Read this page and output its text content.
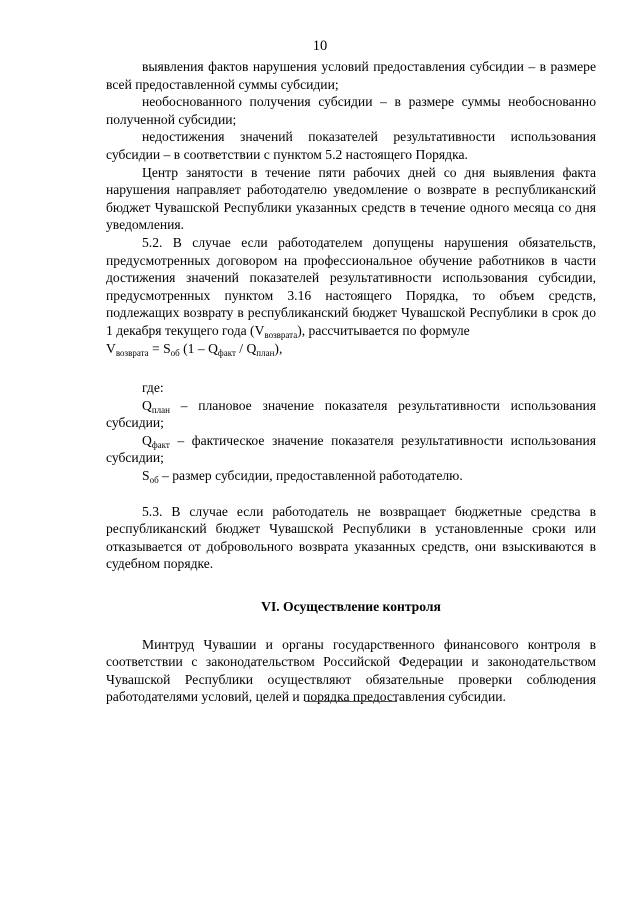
10

выявления фактов нарушения условий предоставления субсидии – в размере всей предоставленной суммы субсидии;

необоснованного получения субсидии – в размере суммы необоснованно полученной субсидии;

недостижения значений показателей результативности использования субсидии – в соответствии с пунктом 5.2 настоящего Порядка.

Центр занятости в течение пяти рабочих дней со дня выявления факта нарушения направляет работодателю уведомление о возврате в республиканский бюджет Чувашской Республики указанных средств в течение одного месяца со дня уведомления.

5.2. В случае если работодателем допущены нарушения обязательств, предусмотренных договором на профессиональное обучение работников в части достижения значений показателей результативности использования субсидии, предусмотренных пунктом 3.16 настоящего Порядка, то объем средств, подлежащих возврату в республиканский бюджет Чувашской Республики в срок до 1 декабря текущего года $(V_{возврата})$, рассчитывается по формуле

$V_{возврата} = S_{об}$ $(1 - Q_{факт} / Q_{план})$,

где:

$Q_{план}$ – плановое значение показателя результативности использования субсидии;

$Q_{факт}$ – фактическое значение показателя результативности использования субсидии;

$S_{об}$ – размер субсидии, предоставленной работодателю.

5.3. В случае если работодатель не возвращает бюджетные средства в республиканский бюджет Чувашской Республики в установленные сроки или отказывается от добровольного возврата указанных средств, они взыскиваются в судебном порядке.

VI. Осуществление контроля

Минтруд Чувашии и органы государственного финансового контроля в соответствии с законодательством Российской Федерации и законодательством Чувашской Республики осуществляют обязательные проверки соблюдения работодателями условий, целей и порядка предоставления субсидии.
